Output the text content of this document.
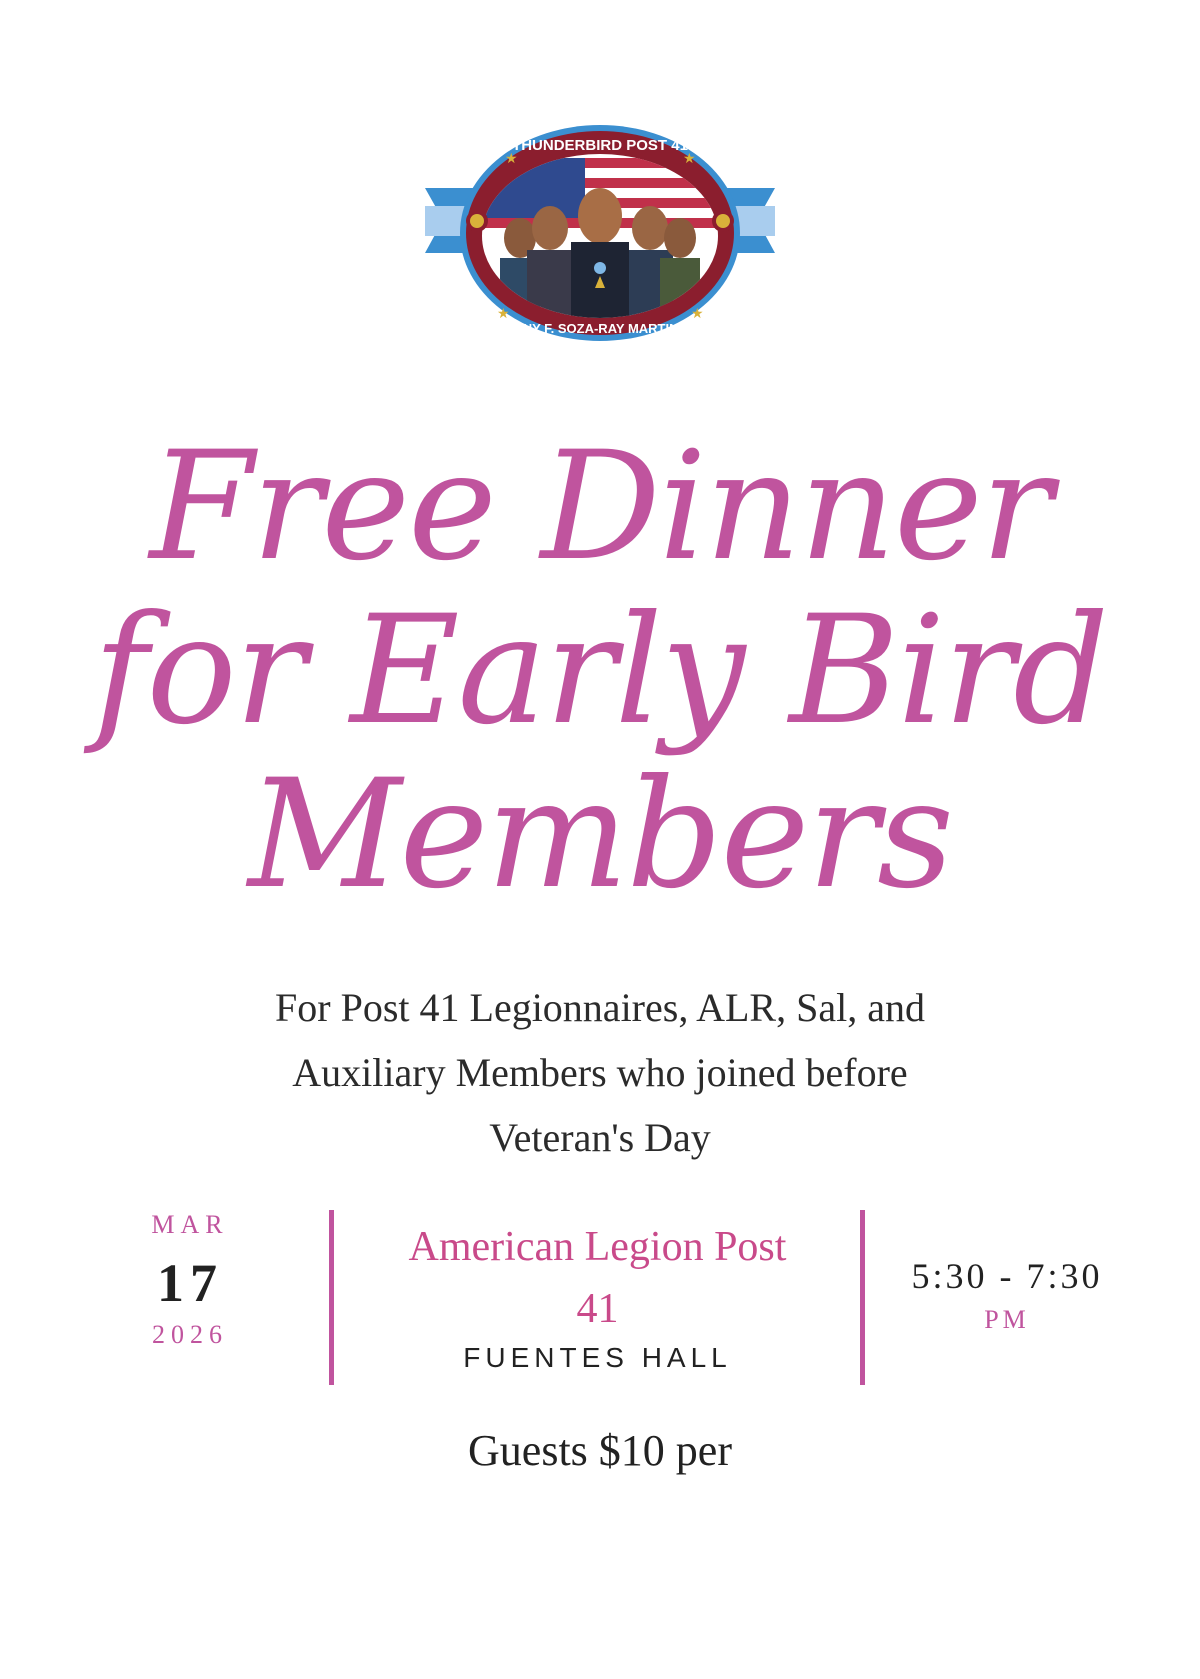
★	★
★	★
THUNDERBIRD POST 41
TONY F. SOZA-RAY MARTINEZ
Free Dinner
for Early Bird
Members
For Post 41 Legionnaires, ALR, Sal, and
Auxiliary Members who joined before
Veteran's Day
MAR
17
2026
American Legion Post
41
FUENTES HALL
5:30 - 7:30
PM
Guests $10 per
